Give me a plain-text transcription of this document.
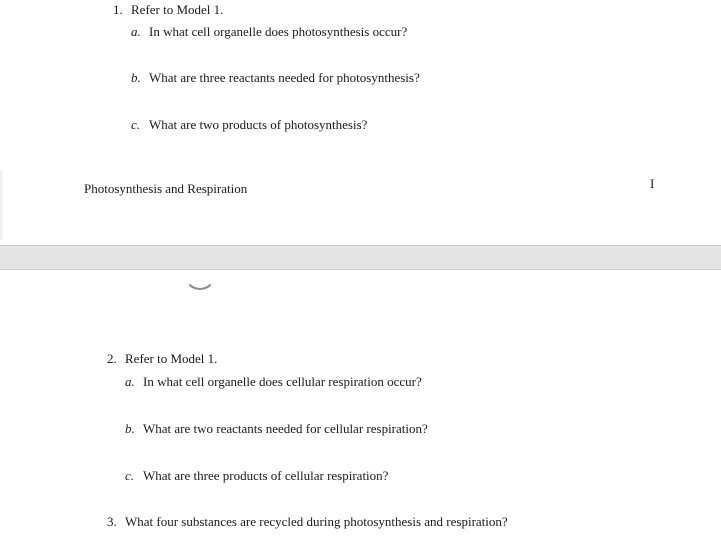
1. Refer to Model 1.
a. In what cell organelle does photosynthesis occur?
b. What are three reactants needed for photosynthesis?
c. What are two products of photosynthesis?
Photosynthesis and Respiration	I
2. Refer to Model 1.
a. In what cell organelle does cellular respiration occur?
b. What are two reactants needed for cellular respiration?
c. What are three products of cellular respiration?
3. What four substances are recycled during photosynthesis and respiration?
